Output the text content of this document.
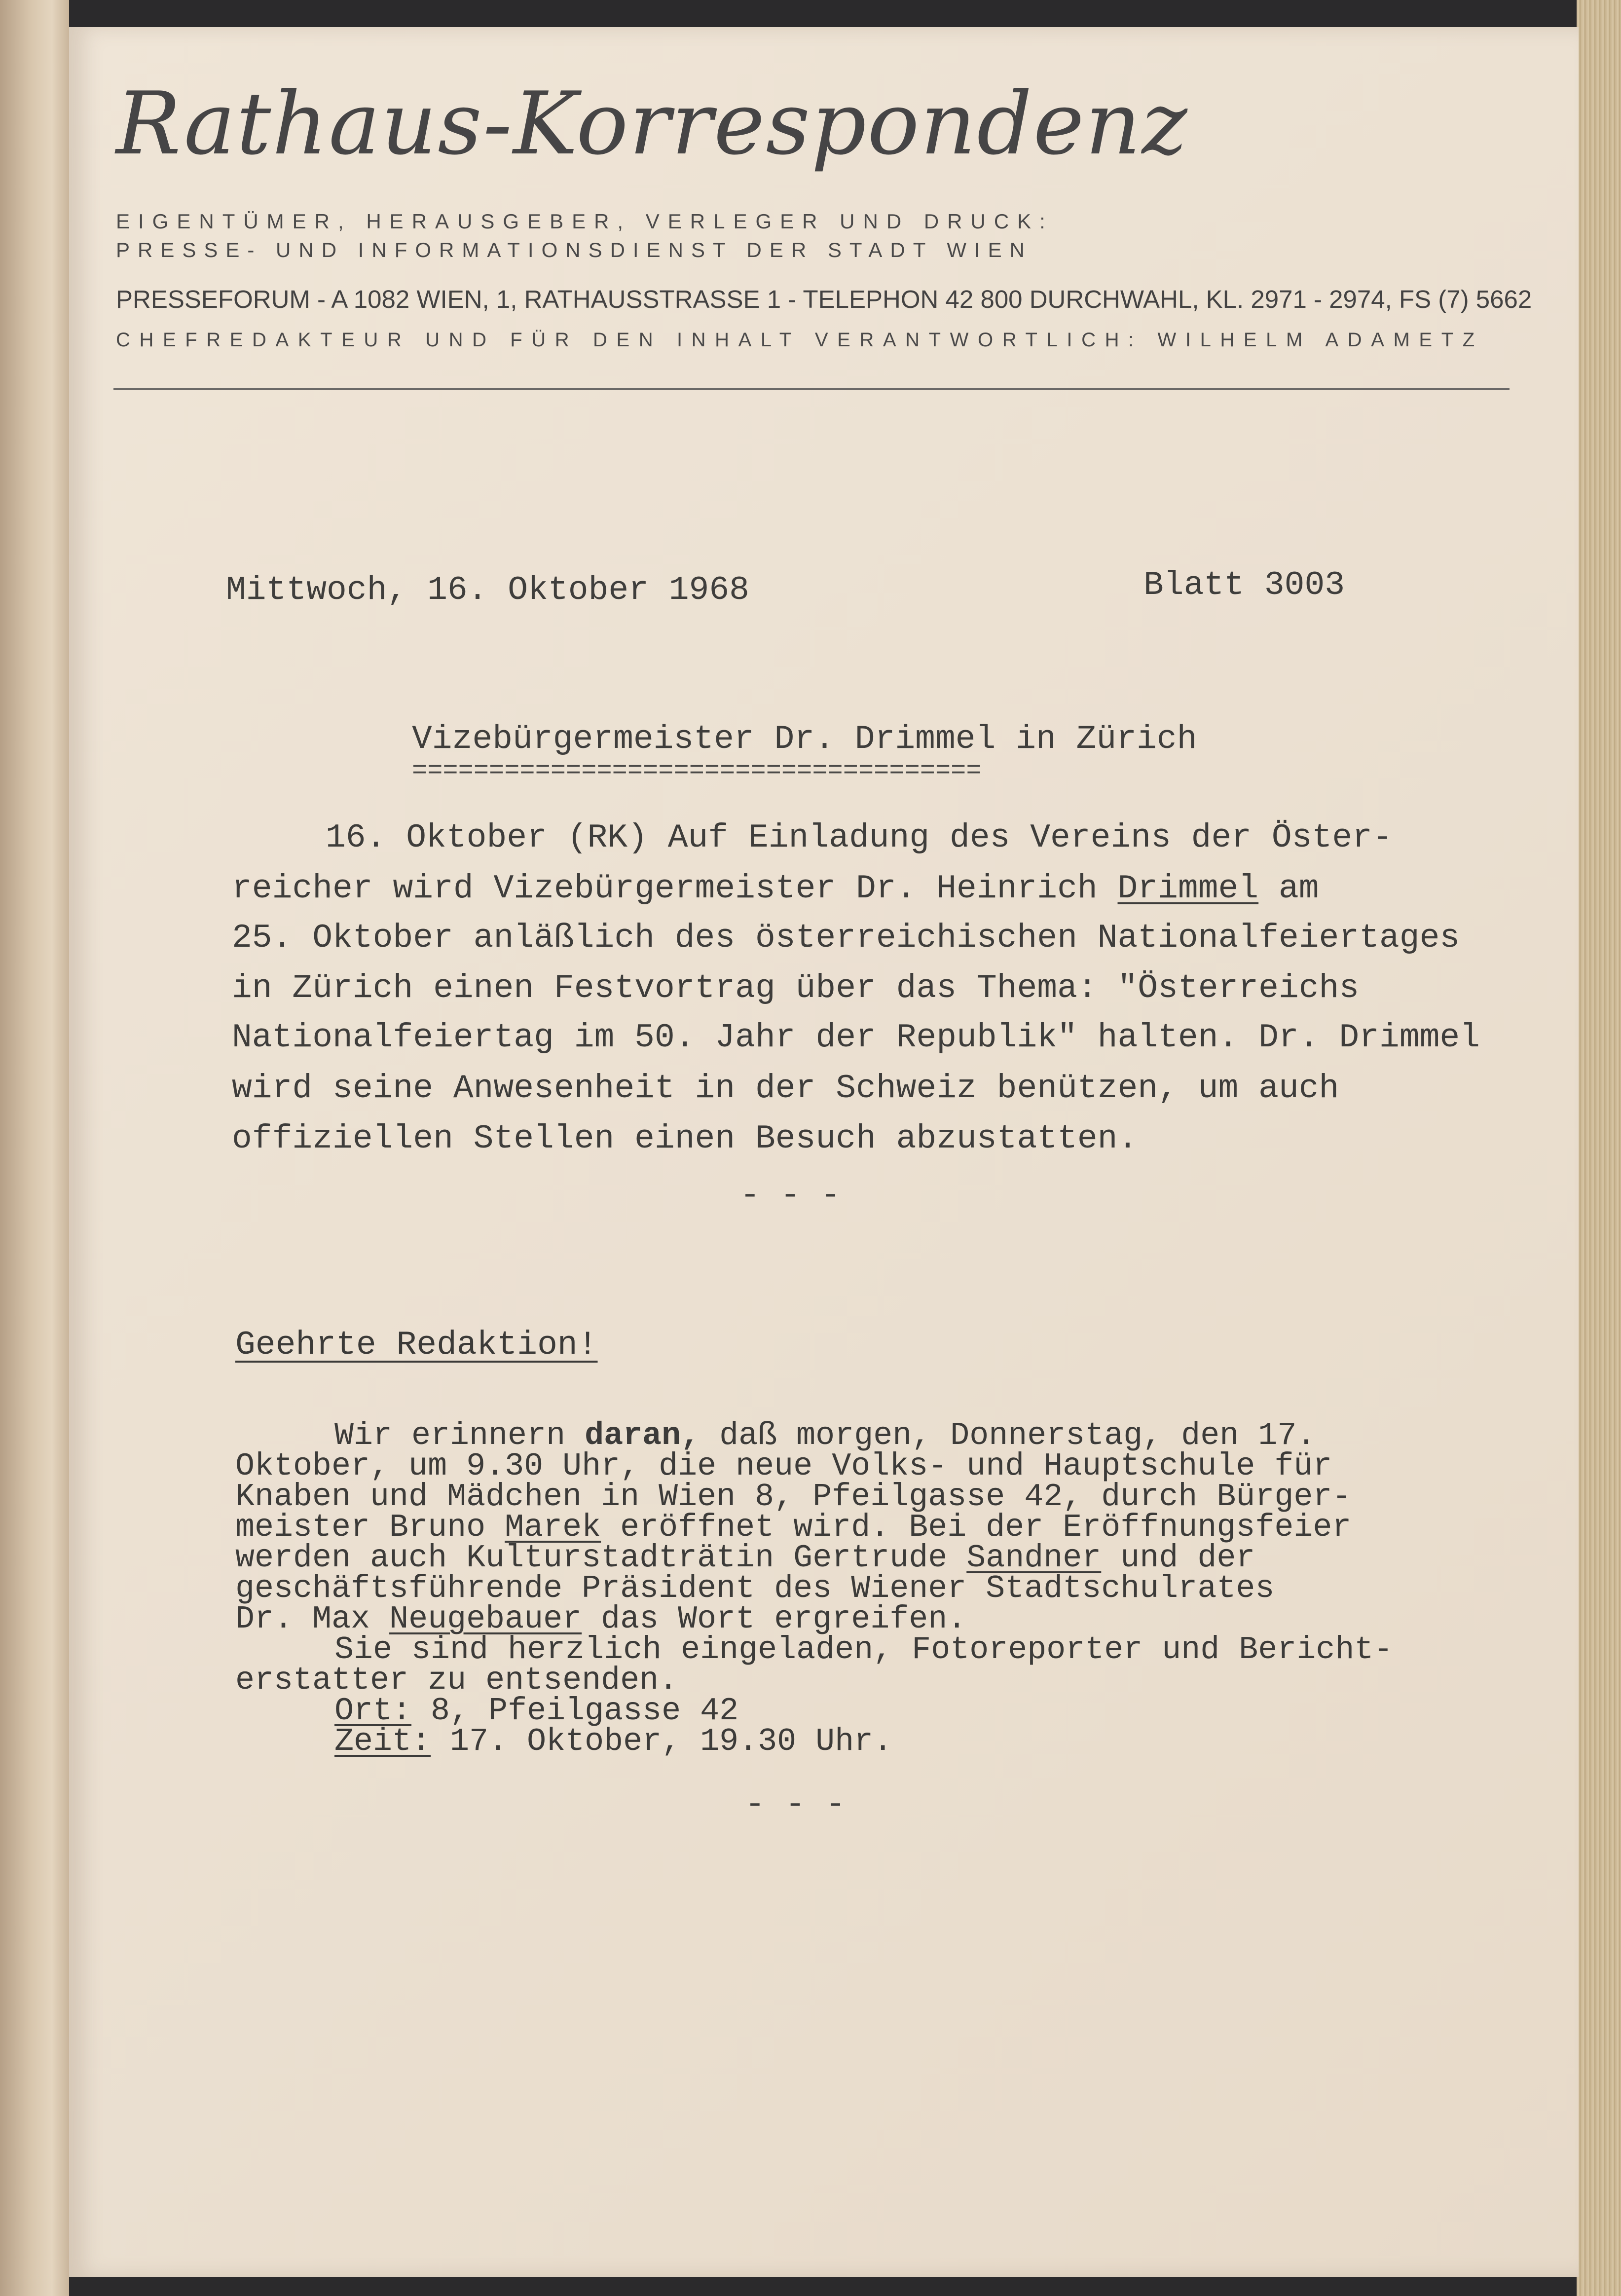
Rathaus-Korrespondenz
EIGENTÜMER, HERAUSGEBER, VERLEGER UND DRUCK:
PRESSE- UND INFORMATIONSDIENST DER STADT WIEN
PRESSEFORUM - A 1082 WIEN, 1, RATHAUSSTRASSE 1 - TELEPHON 42 800 DURCHWAHL, KL. 2971 - 2974, FS (7) 5662
CHEFREDAKTEUR UND FÜR DEN INHALT VERANTWORTLICH: WILHELM ADAMETZ
Mittwoch, 16. Oktober 1968	Blatt 3003
Vizebürgermeister Dr. Drimmel in Zürich
=====================================
16. Oktober (RK) Auf Einladung des Vereins der Öster-
reicher wird Vizebürgermeister Dr. Heinrich Drimmel am
25. Oktober anläßlich des österreichischen Nationalfeiertages
in Zürich einen Festvortrag über das Thema: "Österreichs
Nationalfeiertag im 50. Jahr der Republik" halten. Dr. Drimmel
wird seine Anwesenheit in der Schweiz benützen, um auch
offiziellen Stellen einen Besuch abzustatten.
- - -
Geehrte Redaktion!
Wir erinnern daran, daß morgen, Donnerstag, den 17.
Oktober, um 9.30 Uhr, die neue Volks- und Hauptschule für
Knaben und Mädchen in Wien 8, Pfeilgasse 42, durch Bürger-
meister Bruno Marek eröffnet wird. Bei der Eröffnungsfeier
werden auch Kulturstadträtin Gertrude Sandner und der
geschäftsführende Präsident des Wiener Stadtschulrates
Dr. Max Neugebauer das Wort ergreifen.
Sie sind herzlich eingeladen, Fotoreporter und Bericht-
erstatter zu entsenden.
Ort: 8, Pfeilgasse 42
Zeit: 17. Oktober, 19.30 Uhr.
- - -
